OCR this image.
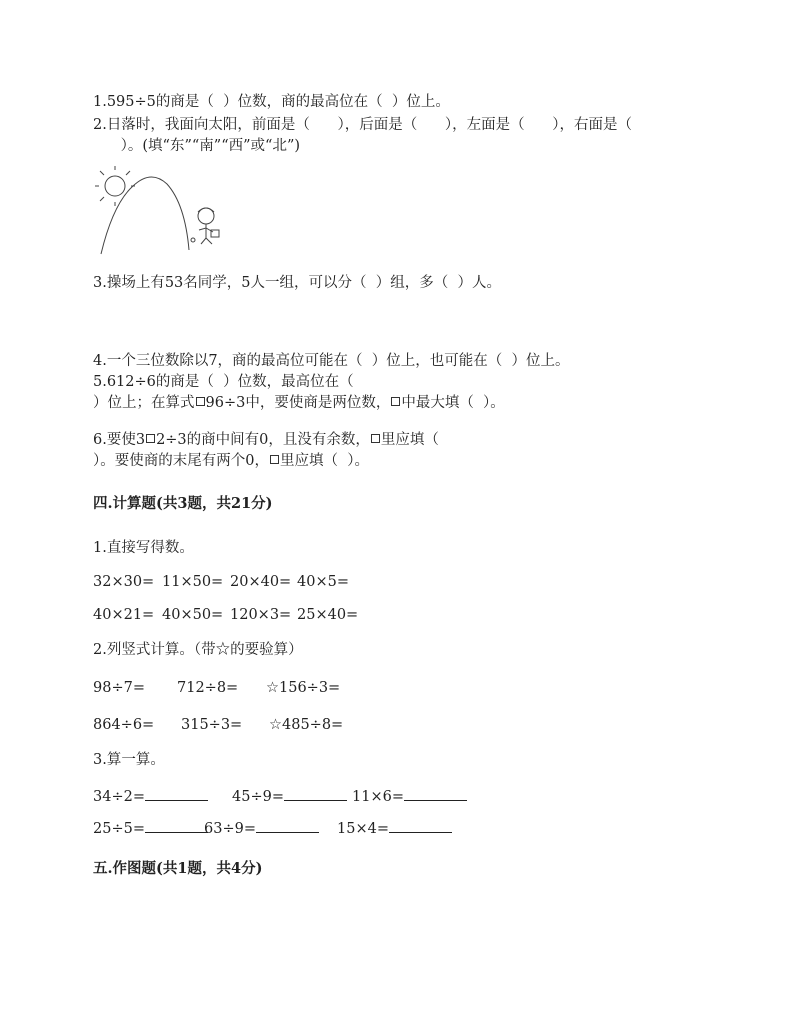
1.595÷5的商是（  ）位数，商的最高位在（  ）位上。
2.日落时，我面向太阳，前面是（      ），后面是（      ），左面是（      ），右面是（
）。(填“东”“南”“西”或“北”)
3.操场上有53名同学，5人一组，可以分（  ）组，多（  ）人。
4.一个三位数除以7，商的最高位可能在（  ）位上，也可能在（  ）位上。
5.612÷6的商是（  ）位数，最高位在（
）位上；在算式 96÷3中，要使商是两位数， 中最大填（  ）。
6.要使3 2÷3的商中间有0，且没有余数， 里应填（
）。要使商的末尾有两个0， 里应填（  ）。
四.计算题(共3题，共21分)
1.直接写得数。
32×30= 11×50= 20×40= 40×5=
40×21= 40×50= 120×3= 25×40=
2.列竖式计算。（带☆的要验算）
98÷7= 712÷8= ☆156÷3=
864÷6= 315÷3= ☆485÷8=
3.算一算。
34÷2=	45÷9=	11×6=
25÷5=	63÷9=	15×4=
五.作图题(共1题，共4分)
